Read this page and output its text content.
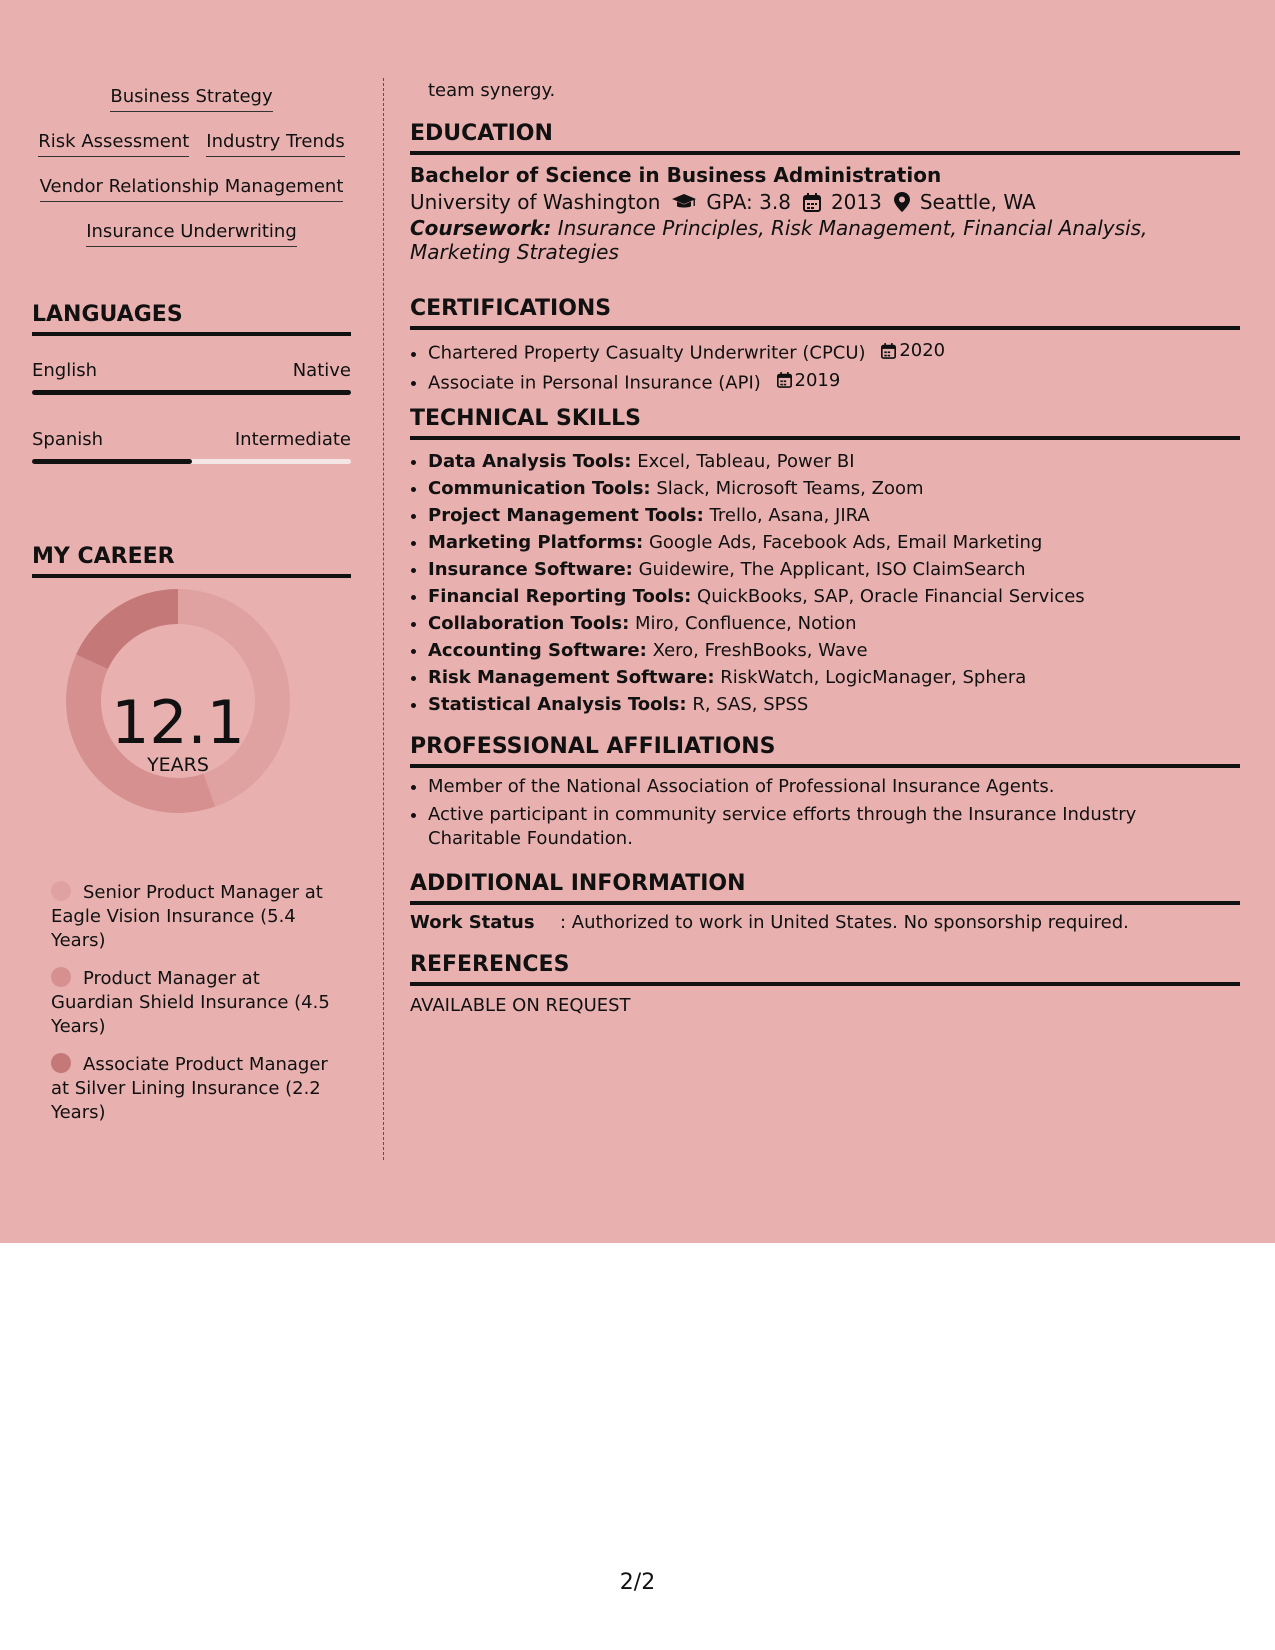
Business Strategy
Risk Assessment Industry Trends
Vendor Relationship Management
Insurance Underwriting
LANGUAGES
English	Native
Spanish	Intermediate
MY CAREER
12.1
YEARS
Senior Product Manager at Eagle Vision Insurance (5.4 Years)
Product Manager at Guardian Shield Insurance (4.5 Years)
Associate Product Manager at Silver Lining Insurance (2.2 Years)
team synergy.
EDUCATION
Bachelor of Science in Business Administration
University of Washington GPA: 3.8 2013 Seattle, WA
Coursework: Insurance Principles, Risk Management, Financial Analysis, Marketing Strategies
CERTIFICATIONS
• Chartered Property Casualty Underwriter (CPCU) 2020
• Associate in Personal Insurance (API) 2019
TECHNICAL SKILLS
• Data Analysis Tools: Excel, Tableau, Power BI
• Communication Tools: Slack, Microsoft Teams, Zoom
• Project Management Tools: Trello, Asana, JIRA
• Marketing Platforms: Google Ads, Facebook Ads, Email Marketing
• Insurance Software: Guidewire, The Applicant, ISO ClaimSearch
• Financial Reporting Tools: QuickBooks, SAP, Oracle Financial Services
• Collaboration Tools: Miro, Confluence, Notion
• Accounting Software: Xero, FreshBooks, Wave
• Risk Management Software: RiskWatch, LogicManager, Sphera
• Statistical Analysis Tools: R, SAS, SPSS
PROFESSIONAL AFFILIATIONS
• Member of the National Association of Professional Insurance Agents.
• Active participant in community service efforts through the Insurance Industry Charitable Foundation.
ADDITIONAL INFORMATION
Work Status	: Authorized to work in United States. No sponsorship required.
REFERENCES
AVAILABLE ON REQUEST
2/2
